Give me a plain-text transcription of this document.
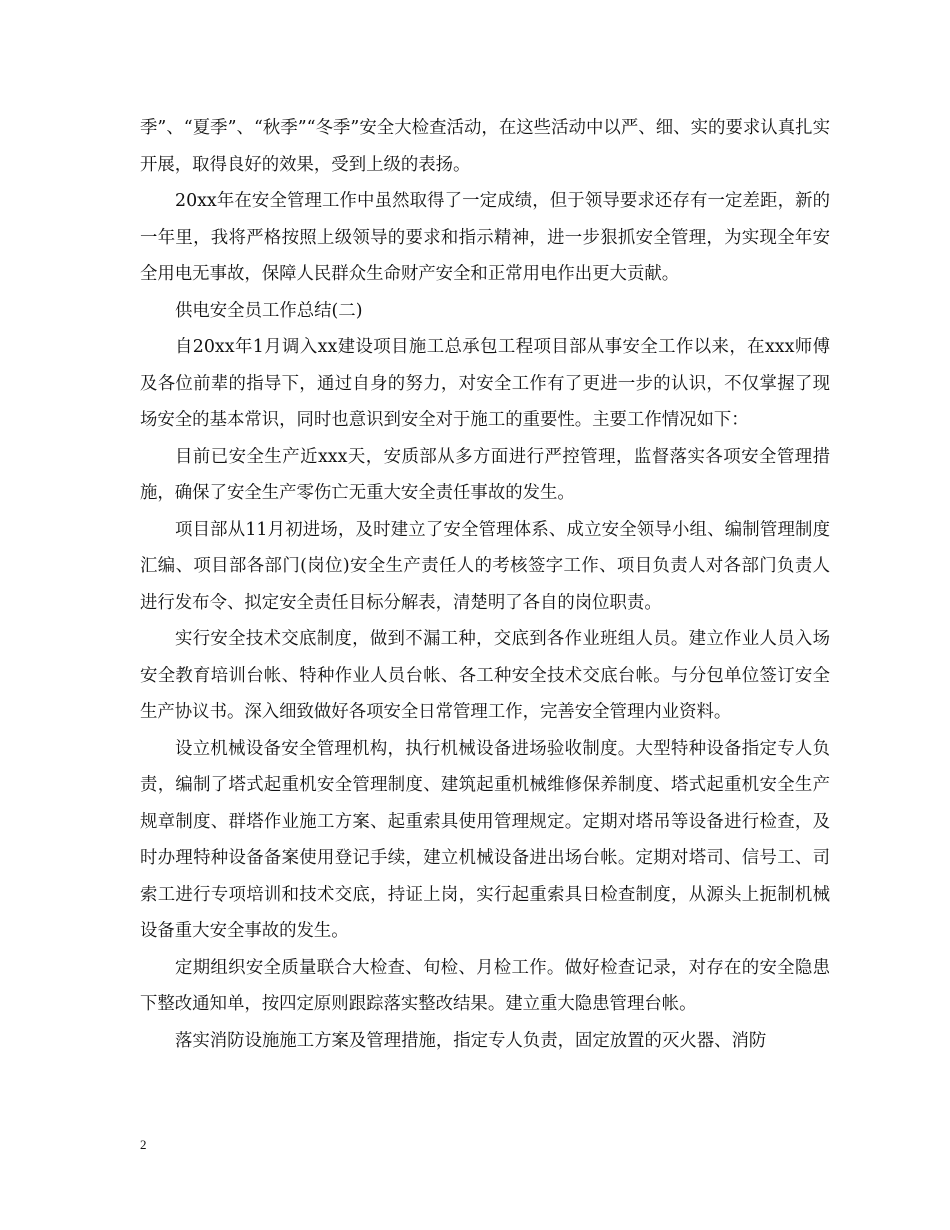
季”、“夏季”、“秋季”“冬季”安全大检查活动，在这些活动中以严、细、实的要求认真扎实开展，取得良好的效果，受到上级的表扬。

20xx年在安全管理工作中虽然取得了一定成绩，但于领导要求还存有一定差距，新的一年里，我将严格按照上级领导的要求和指示精神，进一步狠抓安全管理，为实现全年安全用电无事故，保障人民群众生命财产安全和正常用电作出更大贡献。

供电安全员工作总结(二)

自20xx年1月调入xx建设项目施工总承包工程项目部从事安全工作以来，在xxx师傅及各位前辈的指导下，通过自身的努力，对安全工作有了更进一步的认识，不仅掌握了现场安全的基本常识，同时也意识到安全对于施工的重要性。主要工作情况如下：

目前已安全生产近xxx天，安质部从多方面进行严控管理，监督落实各项安全管理措施，确保了安全生产零伤亡无重大安全责任事故的发生。

项目部从11月初进场，及时建立了安全管理体系、成立安全领导小组、编制管理制度汇编、项目部各部门(岗位)安全生产责任人的考核签字工作、项目负责人对各部门负责人进行发布令、拟定安全责任目标分解表，清楚明了各自的岗位职责。

实行安全技术交底制度，做到不漏工种，交底到各作业班组人员。建立作业人员入场安全教育培训台帐、特种作业人员台帐、各工种安全技术交底台帐。与分包单位签订安全生产协议书。深入细致做好各项安全日常管理工作，完善安全管理内业资料。

设立机械设备安全管理机构，执行机械设备进场验收制度。大型特种设备指定专人负责，编制了塔式起重机安全管理制度、建筑起重机械维修保养制度、塔式起重机安全生产规章制度、群塔作业施工方案、起重索具使用管理规定。定期对塔吊等设备进行检查，及时办理特种设备备案使用登记手续，建立机械设备进出场台帐。定期对塔司、信号工、司索工进行专项培训和技术交底，持证上岗，实行起重索具日检查制度，从源头上扼制机械设备重大安全事故的发生。

定期组织安全质量联合大检查、旬检、月检工作。做好检查记录，对存在的安全隐患下整改通知单，按四定原则跟踪落实整改结果。建立重大隐患管理台帐。

落实消防设施施工方案及管理措施，指定专人负责，固定放置的灭火器、消防

2
